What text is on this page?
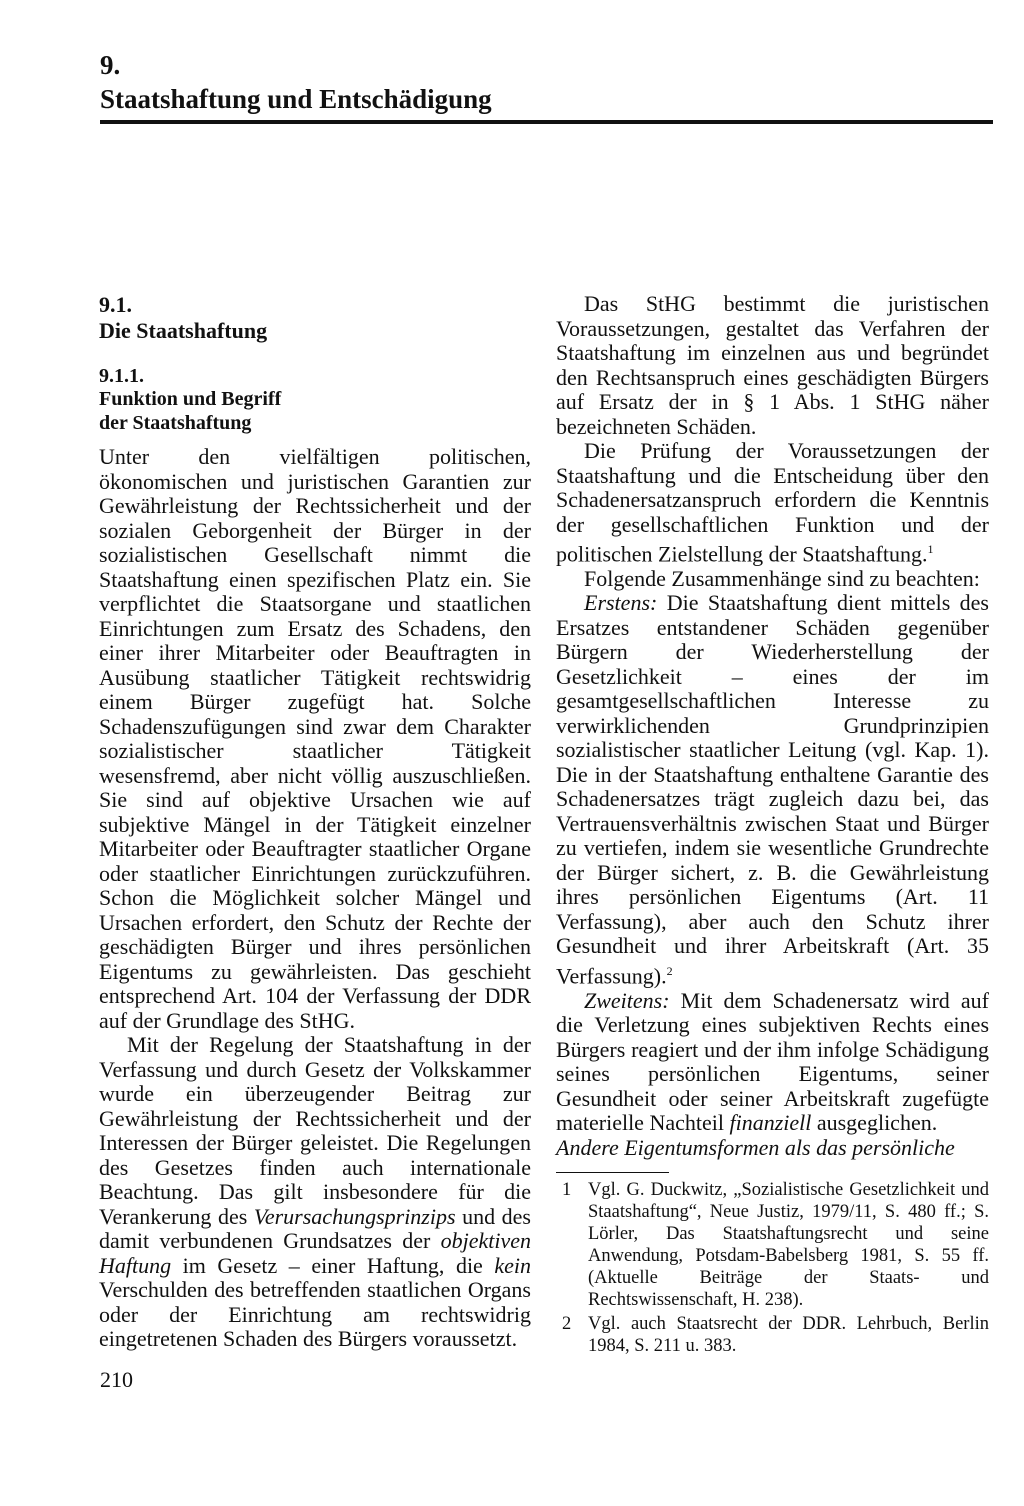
9.
Staatshaftung und Entschädigung
9.1.
Die Staatshaftung
9.1.1.
Funktion und Begriff
der Staatshaftung

Unter den vielfältigen politischen, ökonomischen und juristischen Garantien zur Gewährleistung der Rechtssicherheit und der sozialen Geborgenheit der Bürger in der sozialistischen Gesellschaft nimmt die Staatshaftung einen spezifischen Platz ein. Sie verpflichtet die Staatsorgane und staatlichen Einrichtungen zum Ersatz des Schadens, den einer ihrer Mitarbeiter oder Beauftragten in Ausübung staatlicher Tätigkeit rechtswidrig einem Bürger zugefügt hat. Solche Schadenszufügungen sind zwar dem Charakter sozialistischer staatlicher Tätigkeit wesensfremd, aber nicht völlig auszuschließen. Sie sind auf objektive Ursachen wie auf subjektive Mängel in der Tätigkeit einzelner Mitarbeiter oder Beauftragter staatlicher Organe oder staatlicher Einrichtungen zurückzuführen. Schon die Möglichkeit solcher Mängel und Ursachen erfordert, den Schutz der Rechte der geschädigten Bürger und ihres persönlichen Eigentums zu gewährleisten. Das geschieht entsprechend Art. 104 der Verfassung der DDR auf der Grundlage des StHG.

Mit der Regelung der Staatshaftung in der Verfassung und durch Gesetz der Volkskammer wurde ein überzeugender Beitrag zur Gewährleistung der Rechtssicherheit und der Interessen der Bürger geleistet. Die Regelungen des Gesetzes finden auch internationale Beachtung. Das gilt insbesondere für die Verankerung des Verursachungsprinzips und des damit verbundenen Grundsatzes der objektiven Haftung im Gesetz – einer Haftung, die kein Verschulden des betreffenden staatlichen Organs oder der Einrichtung am rechtswidrig eingetretenen Schaden des Bürgers voraussetzt.

Das StHG bestimmt die juristischen Voraussetzungen, gestaltet das Verfahren der Staatshaftung im einzelnen aus und begründet den Rechtsanspruch eines geschädigten Bürgers auf Ersatz der in § 1 Abs. 1 StHG näher bezeichneten Schäden.

Die Prüfung der Voraussetzungen der Staatshaftung und die Entscheidung über den Schadenersatzanspruch erfordern die Kenntnis der gesellschaftlichen Funktion und der politischen Zielstellung der Staatshaftung.$^1$

Folgende Zusammenhänge sind zu beachten:

Erstens: Die Staatshaftung dient mittels des Ersatzes entstandener Schäden gegenüber Bürgern der Wiederherstellung der Gesetzlichkeit – eines der im gesamtgesellschaftlichen Interesse zu verwirklichenden Grundprinzipien sozialistischer staatlicher Leitung (vgl. Kap. 1). Die in der Staatshaftung enthaltene Garantie des Schadenersatzes trägt zugleich dazu bei, das Vertrauensverhältnis zwischen Staat und Bürger zu vertiefen, indem sie wesentliche Grundrechte der Bürger sichert, z. B. die Gewährleistung ihres persönlichen Eigentums (Art. 11 Verfassung), aber auch den Schutz ihrer Gesundheit und ihrer Arbeitskraft (Art. 35 Verfassung).$^2$

Zweitens: Mit dem Schadenersatz wird auf die Verletzung eines subjektiven Rechts eines Bürgers reagiert und der ihm infolge Schädigung seines persönlichen Eigentums, seiner Gesundheit oder seiner Arbeitskraft zugefügte materielle Nachteil finanziell ausgeglichen.
Andere Eigentumsformen als das persönliche

1 Vgl. G. Duckwitz, „Sozialistische Gesetzlichkeit und Staatshaftung“, Neue Justiz, 1979/11, S. 480 ff.; S. Lörler, Das Staatshaftungsrecht und seine Anwendung, Potsdam-Babelsberg 1981, S. 55 ff. (Aktuelle Beiträge der Staats- und Rechtswissenschaft, H. 238).
2 Vgl. auch Staatsrecht der DDR. Lehrbuch, Berlin 1984, S. 211 u. 383.
210
